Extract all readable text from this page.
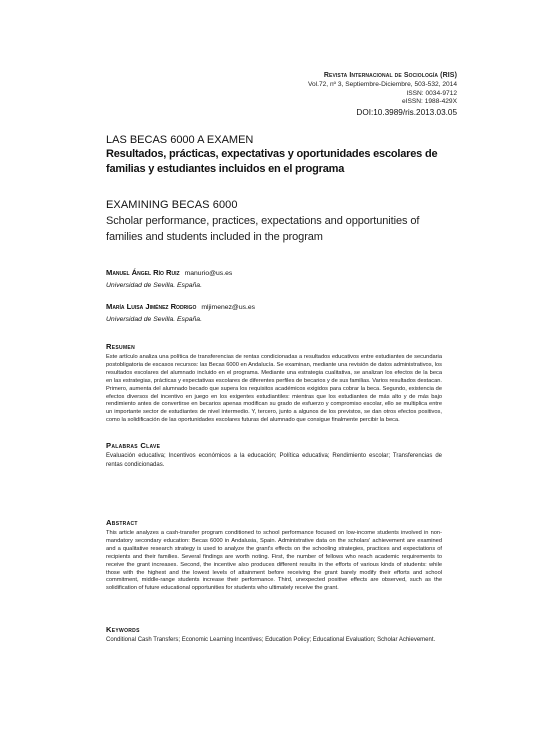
Revista Internacional de Sociología (RIS)
Vol.72, nº 3, Septiembre-Diciembre, 503-532, 2014
ISSN: 0034-9712
eISSN: 1988-429X
DOI:10.3989/ris.2013.03.05
LAS BECAS 6000 A EXAMEN
Resultados, prácticas, expectativas y oportunidades escolares de familias y estudiantes incluidos en el programa
EXAMINING BECAS 6000
Scholar performance, practices, expectations and opportunities of families and students included in the program
Manuel Ángel Río Ruiz manurio@us.es
Universidad de Sevilla. España.
María Luisa Jiménez Rodrigo mljimenez@us.es
Universidad de Sevilla. España.
Resumen
Este artículo analiza una política de transferencias de rentas condicionadas a resultados educativos entre estudiantes de secundaria postobligatoria de escasos recursos: las Becas 6000 en Andalucía. Se examinan, mediante una revisión de datos administrativos, los resultados escolares del alumnado incluido en el programa. Mediante una estrategia cualitativa, se analizan los efectos de la beca en las estrategias, prácticas y expectativas escolares de diferentes perfiles de becarios y de sus familias. Varios resultados destacan. Primero, aumenta del alumnado becado que supera los requisitos académicos exigidos para cobrar la beca. Segundo, existencia de efectos diversos del incentivo en juego en los exigentes estudiantiles: mientras que los estudiantes de más alto y de más bajo rendimiento antes de convertirse en becarios apenas modifican su grado de esfuerzo y compromiso escolar, ello se multiplica entre un importante sector de estudiantes de nivel intermedio. Y, tercero, junto a algunos de los previstos, se dan otros efectos positivos, como la solidificación de las oportunidades escolares futuras del alumnado que consigue finalmente percibir la beca.
Palabras Clave
Evaluación educativa; Incentivos económicos a la educación; Política educativa; Rendimiento escolar; Transferencias de rentas condicionadas.
Abstract
This article analyzes a cash-transfer program conditioned to school performance focused on low-income students involved in non-mandatory secondary education: Becas 6000 in Andalusia, Spain. Administrative data on the scholars' achievement are examined and a qualitative research strategy is used to analyze the grant's effects on the schooling strategies, practices and expectations of recipients and their families. Several findings are worth noting. First, the number of fellows who reach academic requirements to receive the grant increases. Second, the incentive also produces different results in the efforts of various kinds of students: while those with the highest and the lowest levels of attainment before receiving the grant barely modify their efforts and school commitment, middle-range students increase their performance. Third, unexpected positive effects are observed, such as the solidification of future educational opportunities for students who ultimately receive the grant.
Keywords
Conditional Cash Transfers; Economic Learning Incentives; Education Policy; Educational Evaluation; Scholar Achievement.
